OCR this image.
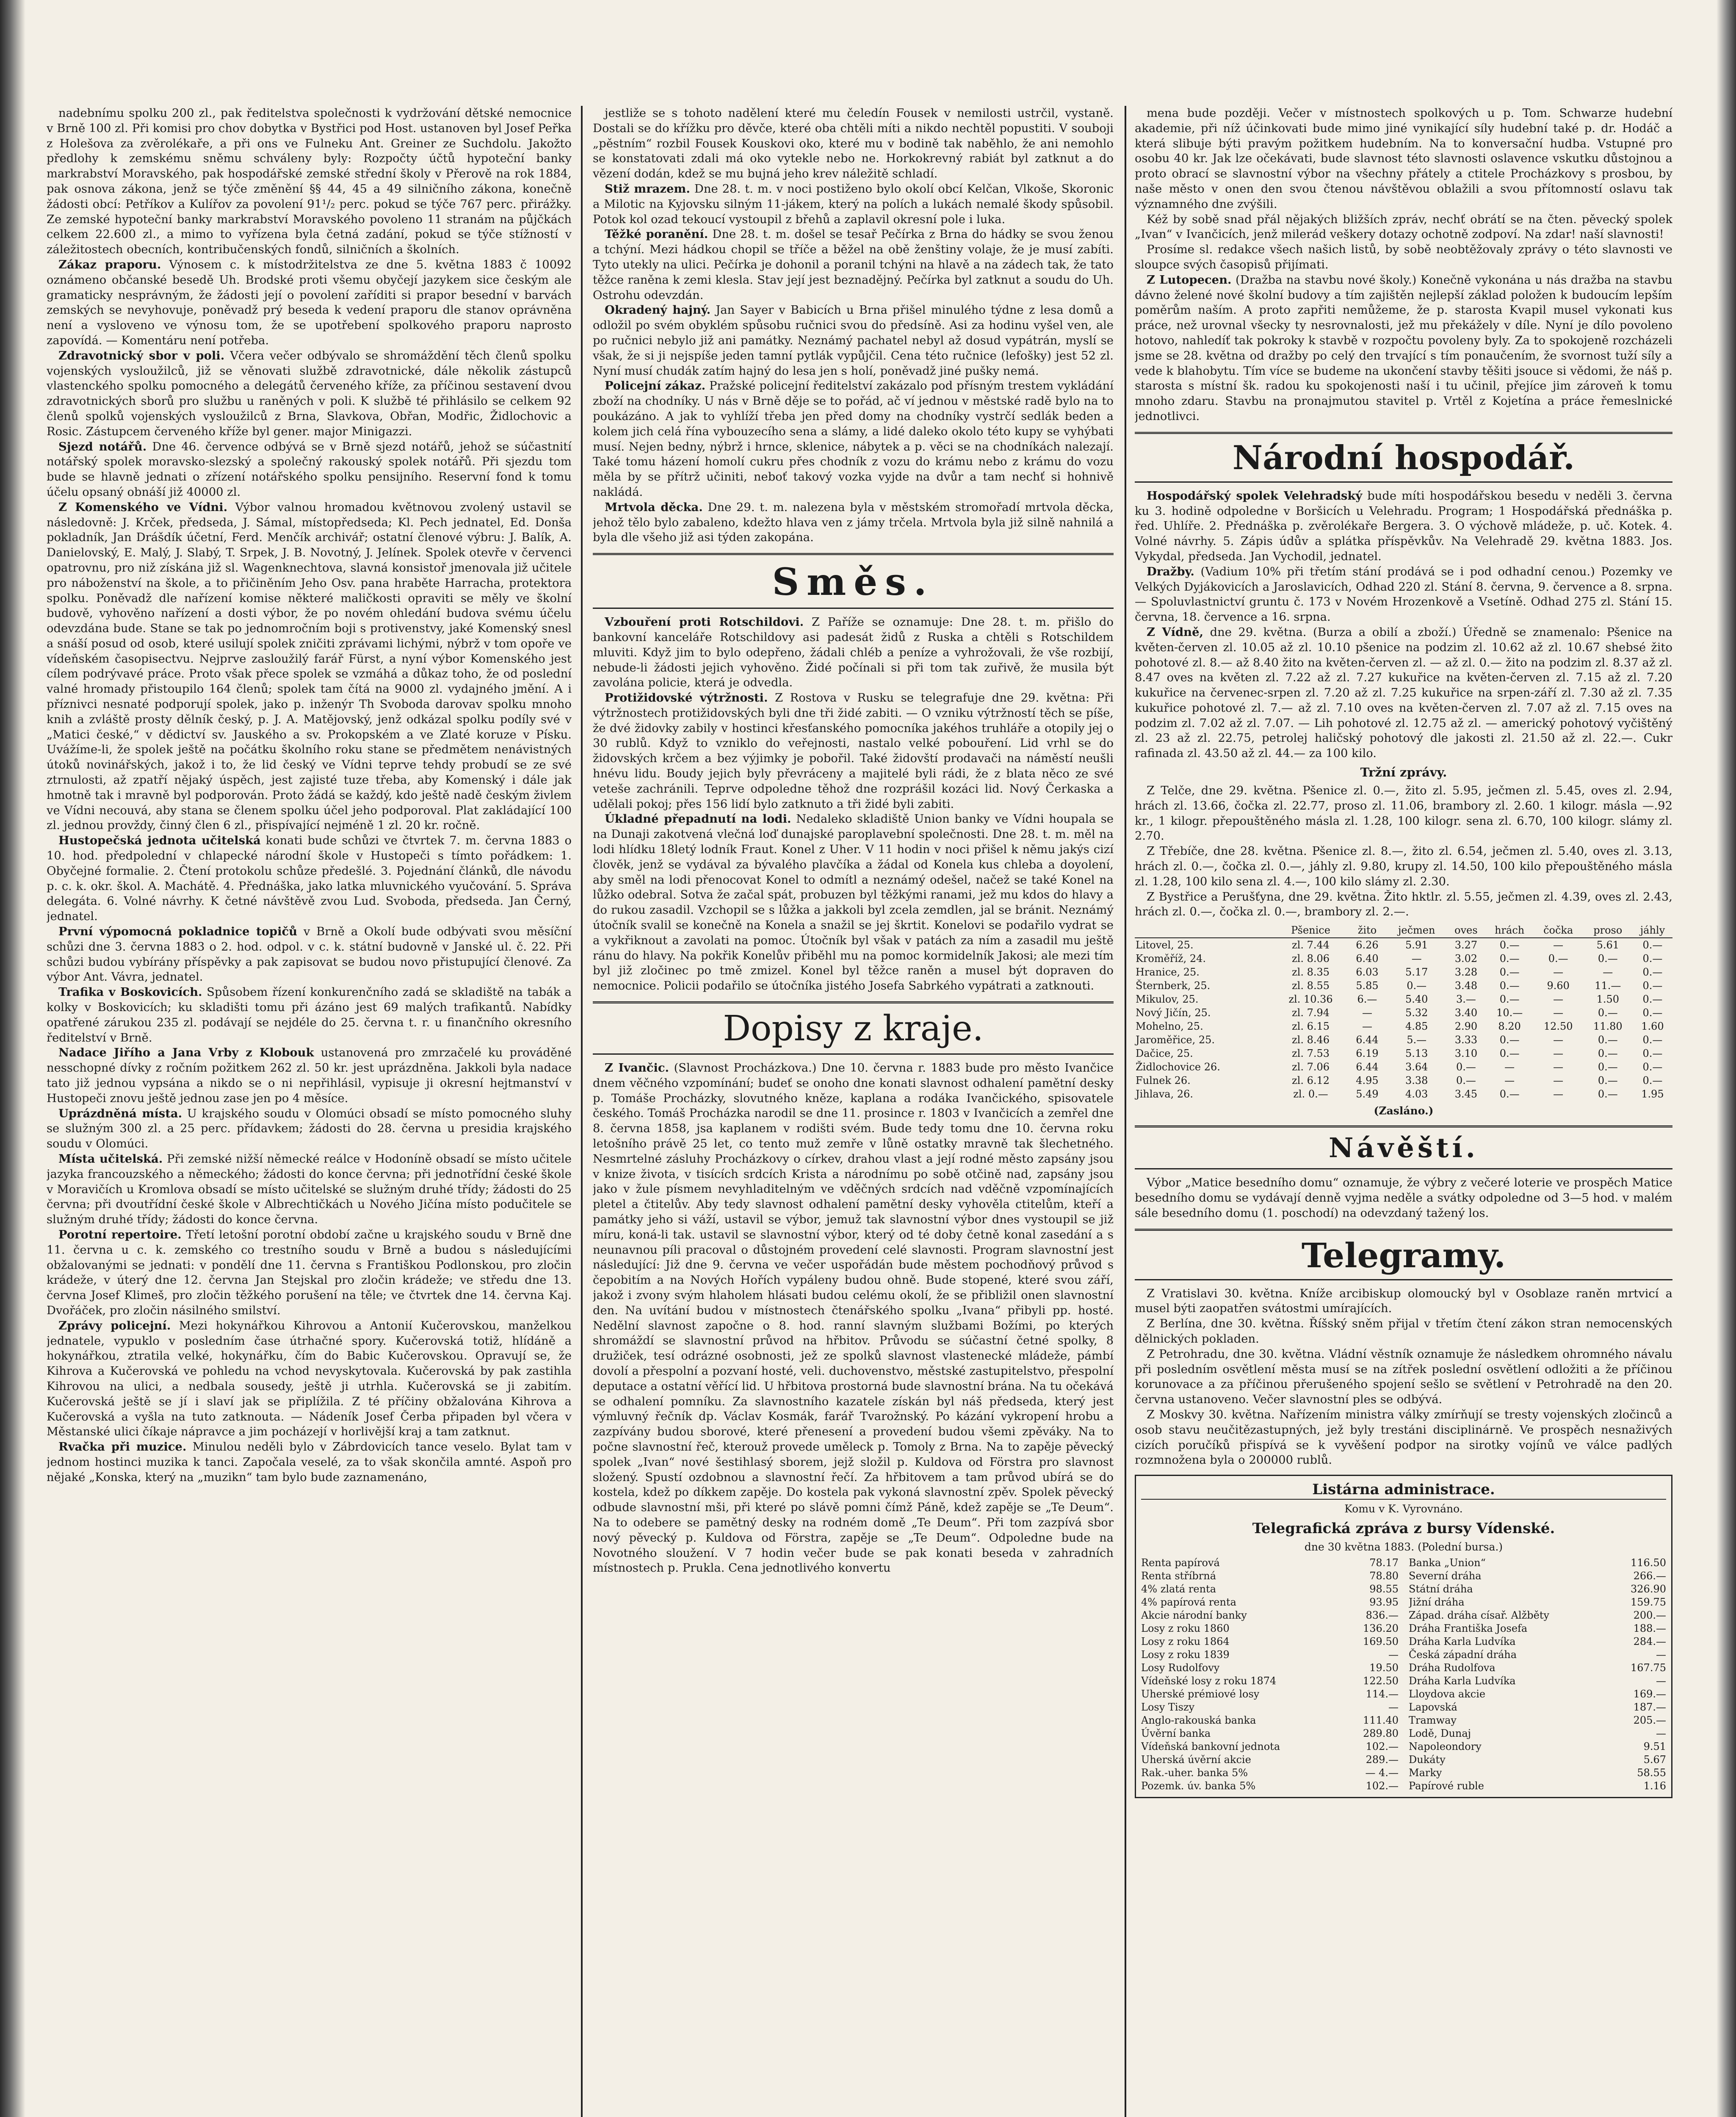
nadebnímu spolku 200 zl., pak ředitelstva společnosti k vydržování dětské nemocnice v Brně 100 zl. Při komisi pro chov dobytka v Bystřici pod Host. ustanoven byl Josef Peřka z Holešova za zvěrolékaře, a při ons ve Fulneku Ant. Greiner ze Suchdolu. Jakožto předlohy k zemskému sněmu schváleny byly: Rozpočty účtů hypoteční banky markrabství Moravského, pak hospodářské zemské střední školy v Přerově na rok 1884, pak osnova zákona, jenž se týče změnění §§ 44, 45 a 49 silničního zákona, konečně žádosti obcí: Petříkov a Kulířov za povolení 91¹/₂ perc. pokud se týče 767 perc. přirážky. Ze zemské hypoteční banky markrabství Moravského povoleno 11 stranám na půjčkách celkem 22.600 zl., a mimo to vyřízena byla četná zadání, pokud se týče stížností v záležitostech obecních, kontribučenských fondů, silničních a školních.

Zákaz praporu. Výnosem c. k místodržitelstva ze dne 5. května 1883 č 10092 oznámeno občanské besedě Uh. Brodské proti všemu obyčejí jazykem sice českým ale gramaticky nesprávným, že žádosti její o povolení zaříditi si prapor besední v barvách zemských se nevyhovuje, poněvadž prý beseda k vedení praporu dle stanov oprávněna není a vysloveno ve výnosu tom, že se upotřebení spolkového praporu naprosto zapovídá. — Komentáru není potřeba.

Zdravotnický sbor v poli. Včera večer odbývalo se shromáždění těch členů spolku vojenských vysloužilců, již se věnovati službě zdravotnické, dále několik zástupců vlastenckého spolku pomocného a delegátů červeného kříže, za příčinou sestavení dvou zdravotnických sborů pro službu u raněných v poli. K službě té přihlásilo se celkem 92 členů spolků vojenských vysloužilců z Brna, Slavkova, Obřan, Modřic, Židlochovic a Rosic. Zástupcem červeného kříže byl gener. major Minigazzi.

Sjezd notářů. Dne 46. července odbývá se v Brně sjezd notářů, jehož se súčastnití notářský spolek moravsko-slezský a společný rakouský spolek notářů. Při sjezdu tom bude se hlavně jednati o zřízení notářského spolku pensijního. Reservní fond k tomu účelu opsaný obnáší již 40000 zl.

Z Komenského ve Vídni. Výbor valnou hromadou květnovou zvolený ustavil se následovně: J. Krček, předseda, J. Sámal, místopředseda; Kl. Pech jednatel, Ed. Donša pokladník, Jan Drášdík účetní, Ferd. Menčík archivář; ostatní členové výbru: J. Balík, A. Danielovský, E. Malý, J. Slabý, T. Srpek, J. B. Novotný, J. Jelínek. Spolek otevře v červenci opatrovnu, pro niž získána již sl. Wagenknechtova, slavná konsistoř jmenovala již učitele pro náboženství na škole, a to přičiněním Jeho Osv. pana hraběte Harracha, protektora spolku. Poněvadž dle nařízení komise některé maličkosti opraviti se měly ve školní budově, vyhověno nařízení a dosti výbor, že po novém ohledání budova svému účelu odevzdána bude. Stane se tak po jednomročním boji s protivenstvy, jaké Komenský snesl a snáší posud od osob, které usilují spolek zničiti zprávami lichými, nýbrž v tom opoře ve vídeňském časopisectvu. Nejprve zasloužilý farář Fürst, a nyní výbor Komenského jest cílem podrývavé práce. Proto však přece spolek se vzmáhá a důkaz toho, že od poslední valné hromady přistoupilo 164 členů; spolek tam čítá na 9000 zl. vydajného jmění. A i příznivci nesnaté podporují spolek, jako p. inženýr Th Svoboda darovav spolku mnoho knih a zvláště prosty dělník český, p. J. A. Matějovský, jenž odkázal spolku podíly své v „Matici české,“ v dědictví sv. Jauského a sv. Prokopském a ve Zlaté koruze v Písku. Uvážíme-li, že spolek ještě na počátku školního roku stane se předmětem nenávistných útoků novinářských, jakož i to, že lid český ve Vídni teprve tehdy probudí se ze své ztrnulosti, až zpatří nějaký úspěch, jest zajisté tuze třeba, aby Komenský i dále jak hmotně tak i mravně byl podporován. Proto žádá se každý, kdo ještě nadě českým živlem ve Vídni necouvá, aby stana se členem spolku účel jeho podporoval. Plat zakládající 100 zl. jednou provždy, činný člen 6 zl., přispívající nejméně 1 zl. 20 kr. ročně.

Hustopečská jednota učitelská konati bude schůzi ve čtvrtek 7. m. června 1883 o 10. hod. předpolední v chlapecké národní škole v Hustopeči s tímto pořádkem: 1. Obyčejné formalie. 2. Čtení protokolu schůze předešlé. 3. Pojednání článků, dle návodu p. c. k. okr. škol. A. Machátě. 4. Přednáška, jako latka mluvnického vyučování. 5. Správa delegáta. 6. Volné návrhy. K četné návštěvě zvou Lud. Svoboda, předseda. Jan Černý, jednatel.

První výpomocná pokladnice topičů v Brně a Okolí bude odbývati svou měsíční schůzi dne 3. června 1883 o 2. hod. odpol. v c. k. státní budovně v Janské ul. č. 22. Při schůzi budou vybírány příspěvky a pak zapisovat se budou novo přistupující členové. Za výbor Ant. Vávra, jednatel.

Trafika v Boskovicích. Spůsobem řízení konkurenčního zadá se skladiště na tabák a kolky v Boskovicích; ku skladišti tomu při ázáno jest 69 malých trafikantů. Nabídky opatřené zárukou 235 zl. podávají se nejdéle do 25. června t. r. u finančního okresního ředitelství v Brně.

Nadace Jiřího a Jana Vrby z Klobouk ustanovená pro zmrzačelé ku prováděné nesschopné dívky z ročním požitkem 262 zl. 50 kr. jest uprázdněna. Jakkoli byla nadace tato již jednou vypsána a nikdo se o ni nepřihlásil, vypisuje ji okresní hejtmanství v Hustopeči znovu ještě jednou zase jen po 4 měsíce.

Uprázdněná místa. U krajského soudu v Olomúci obsadí se místo pomocného sluhy se služným 300 zl. a 25 perc. přídavkem; žádosti do 28. června u presidia krajského soudu v Olomúci.

Místa učitelská. Při zemské nižší německé reálce v Hodoníně obsadí se místo učitele jazyka francouzského a německého; žádosti do konce června; při jednotřídní české škole v Moravičích u Kromlova obsadí se místo učitelské se služným druhé třídy; žádosti do 25 června; při dvoutřídní české škole v Albrechtičkách u Nového Jičína místo podučitele se služným druhé třídy; žádosti do konce června.

Porotní repertoire. Třetí letošní porotní období začne u krajského soudu v Brně dne 11. června u c. k. zemského co trestního soudu v Brně a budou s následujícími obžalovanými se jednati: v pondělí dne 11. června s Františkou Podlonskou, pro zločin krádeže, v úterý dne 12. června Jan Stejskal pro zločin krádeže; ve středu dne 13. června Josef Klimeš, pro zločin těžkého porušení na těle; ve čtvrtek dne 14. června Kaj. Dvořáček, pro zločin násilného smilství.

Zprávy policejní. Mezi hokynářkou Kihrovou a Antonií Kučerovskou, manželkou jednatele, vypuklo v posledním čase útrhačné spory. Kučerovská totiž, hlídáně a hokynářkou, ztratila velké, hokynářku, čím do Babic Kučerovskou. Opravují se, že Kihrova a Kučerovská ve pohledu na vchod nevyskytovala. Kučerovská by pak zastihla Kihrovou na ulici, a nedbala sousedy, ještě ji utrhla. Kučerovská se ji zabitím. Kučerovská ještě se jí i slaví jak se připlížila. Z té příčiny obžalována Kihrova a Kučerovská a vyšla na tuto zatknouta. — Nádeník Josef Čerba připaden byl včera v Městanské ulici číkaje nápravce a jim pocházejí v horlivější kraj a tam zatknut.

Rvačka při muzice. Minulou neděli bylo v Zábrdovicích tance veselo. Bylat tam v jednom hostinci muzika k tanci. Započala veselé, za to však skončila amnté. Aspoň pro nějaké „Konska, který na „muzikn“ tam bylo bude zaznamenáno,

jestliže se s tohoto nadělení které mu čeledín Fousek v nemilosti ustrčil, vystaně. Dostali se do křížku pro děvče, které oba chtěli míti a nikdo nechtěl popustiti. V souboji „pěstním“ rozbil Fousek Kouskovi oko, které mu v bodině tak naběhlo, že ani nemohlo se konstatovati zdali má oko vytekle nebo ne. Horkokrevný rabiát byl zatknut a do vězení dodán, kdež se mu bujná jeho krev náležitě schladí.

Stiž mrazem. Dne 28. t. m. v noci postiženo bylo okolí obcí Kelčan, Vlkoše, Skoronic a Milotic na Kyjovsku silným 11-jákem, který na polích a lukách nemalé škody spůsobil. Potok kol ozad tekoucí vystoupil z břehů a zaplavil okresní pole i luka.

Těžké poranění. Dne 28. t. m. došel se tesař Pečírka z Brna do hádky se svou ženou a tchýní. Mezi hádkou chopil se tříče a běžel na obě ženštiny volaje, že je musí zabíti. Tyto utekly na ulici. Pečírka je dohonil a poranil tchýni na hlavě a na zádech tak, že tato těžce raněna k zemi klesla. Stav její jest beznadějný. Pečírka byl zatknut a soudu do Uh. Ostrohu odevzdán.

Okradený hajný. Jan Sayer v Babicích u Brna přišel minulého týdne z lesa domů a odložil po svém obyklém spůsobu ručnici svou do předsíně. Asi za hodinu vyšel ven, ale po ručnici nebylo již ani památky. Neznámý pachatel nebyl až dosud vypátrán, myslí se však, že si ji nejspíše jeden tamní pytlák vypůjčil. Cena této ručnice (lefošky) jest 52 zl. Nyní musí chudák zatím hajný do lesa jen s holí, poněvadž jiné pušky nemá.

Policejní zákaz. Pražské policejní ředitelství zakázalo pod přísným trestem vykládání zboží na chodníky. U nás v Brně děje se to pořád, ač ví jednou v městské radě bylo na to poukázáno. A jak to vyhlíží třeba jen před domy na chodníky vystrčí sedlák beden a kolem jich celá řína vybouzecího sena a slámy, a lidé daleko okolo této kupy se vyhýbati musí. Nejen bedny, nýbrž i hrnce, sklenice, nábytek a p. věci se na chodníkách nalezají. Také tomu házení homolí cukru přes chodník z vozu do krámu nebo z krámu do vozu měla by se přítrž učiniti, neboť takový vozka vyjde na dvůr a tam nechť si hohnivě nakládá.

Mrtvola děcka. Dne 29. t. m. nalezena byla v městském stromořadí mrtvola děcka, jehož tělo bylo zabaleno, kdežto hlava ven z jámy trčela. Mrtvola byla již silně nahnilá a byla dle všeho již asi týden zakopána.

Směs.

Vzbouření proti Rotschildovi. Z Paříže se oznamuje: Dne 28. t. m. přišlo do bankovní kanceláře Rotschildovy asi padesát židů z Ruska a chtěli s Rotschildem mluviti. Když jim to bylo odepřeno, žádali chléb a peníze a vyhrožovali, že vše rozbijí, nebude-li žádosti jejich vyhověno. Židé počínali si při tom tak zuřivě, že musila být zavolána policie, která je odvedla.

Protižidovské výtržnosti. Z Rostova v Rusku se telegrafuje dne 29. května: Při výtržnostech protižidovských byli dne tři židé zabiti. — O vzniku výtržností těch se píše, že dvé židovky zabily v hostinci křesťanského pomocníka jakéhos truhláře a otopily jej o 30 rublů. Když to vzniklo do veřejnosti, nastalo velké pobouření. Lid vrhl se do židovských krčem a bez výjimky je pobořil. Také židovští prodavači na náměstí neušli hnévu lidu. Boudy jejich byly převráceny a majitelé byli rádi, že z blata něco ze své veteše zachránili. Teprve odpoledne těhož dne rozprášil kozáci lid. Nový Čerkaska a udělali pokoj; přes 156 lidí bylo zatknuto a tři židé byli zabiti.

Úkladné přepadnutí na lodi. Nedaleko skladiště Union banky ve Vídni houpala se na Dunaji zakotvená vlečná loď dunajské paroplavební společnosti. Dne 28. t. m. měl na lodi hlídku 18letý lodník Fraut. Konel z Uher. V 11 hodin v noci přišel k němu jakýs cizí člověk, jenž se vydával za bývalého plavčíka a žádal od Konela kus chleba a doyolení, aby směl na lodi přenocovat Konel to odmítl a neznámý odešel, načež se také Konel na lůžko odebral. Sotva že začal spát, probuzen byl těžkými ranami, jež mu kdos do hlavy a do rukou zasadil. Vzchopil se s lůžka a jakkoli byl zcela zemdlen, jal se bránit. Neznámý útočník svalil se konečně na Konela a snažil se jej škrtit. Konelovi se podařilo vydrat se a vykřiknout a zavolati na pomoc. Útočník byl však v patách za ním a zasadil mu ještě ránu do hlavy. Na pokřik Konelův přiběhl mu na pomoc kormidelník Jakosi; ale mezi tím byl již zločinec po tmě zmizel. Konel byl těžce raněn a musel být dopraven do nemocnice. Policii podařilo se útočníka jistého Josefa Sabrkého vypátrati a zatknouti.

Dopisy z kraje.

Z Ivančic. (Slavnost Procházkova.) Dne 10. června r. 1883 bude pro město Ivančice dnem věčného vzpomínání; budeť se onoho dne konati slavnost odhalení pamětní desky p. Tomáše Procházky, slovutného kněze, kaplana a rodáka Ivančického, spisovatele českého. Tomáš Procházka narodil se dne 11. prosince r. 1803 v Ivančicích a zemřel dne 8. června 1858, jsa kaplanem v rodišti svém. Bude tedy tomu dne 10. června roku letošního právě 25 let, co tento muž zemře v lůně ostatky mravně tak šlechetného. Nesmrtelné zásluhy Procházkovy o církev, drahou vlast a její rodné město zapsány jsou v knize života, v tisících srdcích Krista a národnímu po sobě otčině nad, zapsány jsou jako v žule písmem nevyhladitelným ve vděčných srdcích nad vděčně vzpomínajících pletel a čtitelův. Aby tedy slavnost odhalení pamětní desky vyhověla ctitelům, kteří a památky jeho si váží, ustavil se výbor, jemuž tak slavnostní výbor dnes vystoupil se již míru, koná-li tak. ustavil se slavnostní výbor, který od té doby četně konal zasedání a s neunavnou píli pracoval o důstojném provedení celé slavnosti. Program slavnostní jest následující: Již dne 9. června ve večer uspořádán bude městem pochodňový průvod s čepobitím a na Nových Hořích vypáleny budou ohně. Bude stopené, které svou září, jakož i zvony svým hlaholem hlásati budou celému okolí, že se přibližil onen slavnostní den. Na uvítání budou v místnostech čtenářského spolku „Ivana“ přibyli pp. hosté. Nedělní slavnost započne o 8. hod. ranní slavným službami Božími, po kterých shromáždí se slavnostní průvod na hřbitov. Průvodu se súčastní četné spolky, 8 družiček, tesí odrázné osobnosti, jež ze spolků slavnost vlastenecké mládeže, pámbí dovolí a přespolní a pozvaní hosté, veli. duchovenstvo, městské zastupitelstvo, přespolní deputace a ostatní věřící lid. U hřbitova prostorná bude slavnostní brána. Na tu očekává se odhalení pomníku. Za slavnostního kazatele získán byl náš předseda, který jest výmluvný řečník dp. Václav Kosmák, farář Tvarožnský. Po kázání vykropení hrobu a zazpívány budou sborové, které přenesení a provedení budou všemi zpěváky. Na to počne slavnostní řeč, kterouž provede uměleck p. Tomoly z Brna. Na to zapěje pěvecký spolek „Ivan“ nové šestihlasý sborem, jejž složil p. Kuldova od Förstra pro slavnost složený. Spustí ozdobnou a slavnostní řečí. Za hřbitovem a tam průvod ubírá se do kostela, kdež po díkkem zapěje. Do kostela pak vykoná slavnostní zpěv. Spolek pěvecký odbude slavnostní mši, při které po slávě pomni čímž Páně, kdež zapěje se „Te Deum“. Na to odebere se pamětný desky na rodném domě „Te Deum“. Při tom zazpívá sbor nový pěvecký p. Kuldova od Förstra, zapěje se „Te Deum“. Odpoledne bude na Novotného sloužení. V 7 hodin večer bude se pak konati beseda v zahradních místnostech p. Prukla. Cena jednotlivého konvertu

mena bude později. Večer v místnostech spolkových u p. Tom. Schwarze hudební akademie, při níž účinkovati bude mimo jiné vynikající síly hudební také p. dr. Hodáč a která slibuje býti pravým požitkem hudebním. Na to konversační hudba. Vstupné pro osobu 40 kr. Jak lze očekávati, bude slavnost této slavnosti oslavence vskutku důstojnou a proto obrací se slavnostní výbor na všechny přátely a ctitele Procházkovy s prosbou, by naše město v onen den svou čtenou návštěvou oblažili a svou přítomností oslavu tak významného dne zvýšili.

Kéž by sobě snad přál nějakých bližších zpráv, nechť obrátí se na čten. pěvecký spolek „Ivan“ v Ivančicích, jenž milerád veškery dotazy ochotně zodpoví. Na zdar! naší slavnosti!

Prosíme sl. redakce všech našich listů, by sobě neobtěžovaly zprávy o této slavnosti ve sloupce svých časopisů přijímati.

Z Lutopecen. (Dražba na stavbu nové školy.) Konečně vykonána u nás dražba na stavbu dávno želené nové školní budovy a tím zajištěn nejlepší základ položen k budoucím lepším poměrům naším. A proto zapřiti nemůžeme, že p. starosta Kvapil musel vykonati kus práce, než urovnal všecky ty nesrovnalosti, jež mu překážely v díle. Nyní je dílo povoleno hotovo, nahledíť tak pokroky k stavbě v rozpočtu povoleny byly. Za to spokojeně rozcházeli jsme se 28. května od dražby po celý den trvající s tím ponaučením, že svornost tuží síly a vede k blahobytu. Tím více se budeme na ukončení stavby těšiti jsouce si vědomi, že náš p. starosta s místní šk. radou ku spokojenosti naší i tu učinil, přejíce jim zároveň k tomu mnoho zdaru. Stavbu na pronajmutou stavitel p. Vrtěl z Kojetína a práce řemeslnické jednotlivci.

Národní hospodář.

Hospodářský spolek Velehradský bude míti hospodářskou besedu v neděli 3. června ku 3. hodině odpoledne v Boršicích u Velehradu. Program; 1 Hospodářská přednáška p. řed. Uhlíře. 2. Přednáška p. zvěrolékaře Bergera. 3. O výchově mládeže, p. uč. Kotek. 4. Volné návrhy. 5. Zápis údův a splátka příspěvkův. Na Velehradě 29. května 1883. Jos. Vykydal, předseda. Jan Vychodil, jednatel.

Dražby. (Vadium 10% při třetím stání prodává se i pod odhadní cenou.) Pozemky ve Velkých Dyjákovicích a Jaroslavicích, Odhad 220 zl. Stání 8. června, 9. července a 8. srpna. — Spoluvlastnictví gruntu č. 173 v Novém Hrozenkově a Vsetíně. Odhad 275 zl. Stání 15. června, 18. července a 16. srpna.

Z Vídně, dne 29. května. (Burza a obilí a zboží.) Úředně se znamenalo: Pšenice na květen-červen zl. 10.05 až zl. 10.10 pšenice na podzim zl. 10.62 až zl. 10.67 shebsé žito pohotové zl. 8.— až 8.40 žito na květen-červen zl. — až zl. 0.— žito na podzim zl. 8.37 až zl. 8.47 oves na květen zl. 7.22 až zl. 7.27 kukuřice na květen-červen zl. 7.15 až zl. 7.20 kukuřice na červenec-srpen zl. 7.20 až zl. 7.25 kukuřice na srpen-září zl. 7.30 až zl. 7.35 kukuřice pohotové zl. 7.— až zl. 7.10 oves na květen-červen zl. 7.07 až zl. 7.15 oves na podzim zl. 7.02 až zl. 7.07. — Lih pohotové zl. 12.75 až zl. — americký pohotový vyčištěný zl. 23 až zl. 22.75, petrolej haličský pohotový dle jakosti zl. 21.50 až zl. 22.—. Cukr rafinada zl. 43.50 až zl. 44.— za 100 kilo.

Tržní zprávy.

Z Telče, dne 29. května. Pšenice zl. 0.—, žito zl. 5.95, ječmen zl. 5.45, oves zl. 2.94, hrách zl. 13.66, čočka zl. 22.77, proso zl. 11.06, brambory zl. 2.60. 1 kilogr. másla —.92 kr., 1 kilogr. přepouštěného másla zl. 1.28, 100 kilogr. sena zl. 6.70, 100 kilogr. slámy zl. 2.70.

Z Třebíče, dne 28. května. Pšenice zl. 8.—, žito zl. 6.54, ječmen zl. 5.40, oves zl. 3.13, hrách zl. 0.—, čočka zl. 0.—, jáhly zl. 9.80, krupy zl. 14.50, 100 kilo přepouštěného másla zl. 1.28, 100 kilo sena zl. 4.—, 100 kilo slámy zl. 2.30.

Z Bystřice a Perušťyna, dne 29. května. Žito hktlr. zl. 5.55, ječmen zl. 4.39, oves zl. 2.43, hrách zl. 0.—, čočka zl. 0.—, brambory zl. 2.—.

	Pšenice	žito	ječmen	oves	hrách	čočka	proso	jáhly
Litovel, 25.	zl. 7.44	6.26	5.91	3.27	0.—	—	5.61	0.—
Kroměříž, 24.	zl. 8.06	6.40	—	3.02	0.—	0.—	0.—	0.—
Hranice, 25.	zl. 8.35	6.03	5.17	3.28	0.—	—	—	0.—
Šternberk, 25.	zl. 8.55	5.85	0.—	3.48	0.—	9.60	11.—	0.—
Mikulov, 25.	zl. 10.36	6.—	5.40	3.—	0.—	—	1.50	0.—
Nový Jičín, 25.	zl. 7.94	—	5.32	3.40	10.—	—	0.—	0.—
Mohelno, 25.	zl. 6.15	—	4.85	2.90	8.20	12.50	11.80	1.60
Jaroměřice, 25.	zl. 8.46	6.44	5.—	3.33	0.—	—	0.—	0.—
Dačice, 25.	zl. 7.53	6.19	5.13	3.10	0.—	—	0.—	0.—
Židlochovice 26.	zl. 7.06	6.44	3.64	0.—	—	—	0.—	0.—
Fulnek 26.	zl. 6.12	4.95	3.38	0.—	—	—	0.—	0.—
Jihlava, 26.	zl. 0.—	5.49	4.03	3.45	0.—	—	0.—	1.95
(Zasláno.)
Návěští.

Výbor „Matice besedního domu“ oznamuje, že výbry z večeré loterie ve prospěch Matice besedního domu se vydávají denně vyjma neděle a svátky odpoledne od 3—5 hod. v malém sále besedního domu (1. poschodí) na odevzdaný tažený los.

Telegramy.

Z Vratislavi 30. května. Kníže arcibiskup olomoucký byl v Osoblaze raněn mrtvicí a musel býti zaopatřen svátostmi umírajících.

Z Berlína, dne 30. května. Říšský sněm přijal v třetím čtení zákon stran nemocenských dělnických pokladen.

Z Petrohradu, dne 30. května. Vládní věstník oznamuje že následkem ohromného návalu při posledním osvětlení města musí se na zítřek poslední osvětlení odložiti a že příčinou korunovace a za příčinou přerušeného spojení sešlo se světlení v Petrohradě na den 20. června ustanoveno. Večer slavnostní ples se odbývá.

Z Moskvy 30. května. Nařízením ministra války zmírňují se tresty vojenských zločinců a osob stavu neučitězastupných, jež byly trestáni disciplinárně. Ve prospěch nesnaživých cizích poručíků přispívá se k vyvěšení podpor na sirotky vojínů ve válce padlých rozmnožena byla o 200000 rublů.

Listárna administrace.
Komu v K. Vyrovnáno.
Telegrafická zpráva z bursy Vídenské.
dne 30 května 1883. (Polední bursa.)
Renta papírová	78.17
Renta stříbrná	78.80
4% zlatá renta	98.55
4% papírová renta	93.95
Akcie národní banky	836.—
Losy z roku 1860	136.20
Losy z roku 1864	169.50
Losy z roku 1839	—
Losy Rudolfovy	19.50
Vídeňské losy z roku 1874	122.50
Uherské prémiové losy	114.—
Losy Tiszy	—
Anglo-rakouská banka	111.40
Úvěrní banka	289.80
Vídeňská bankovní jednota	102.—
Uherská úvěrní akcie	289.—
Rak.-uher. banka 5%	— 4.—
Pozemk. úv. banka 5%	102.—
Banka „Union“	116.50
Severní dráha	266.—
Státní dráha	326.90
Jižní dráha	159.75
Západ. dráha císař. Alžběty	200.—
Dráha Františka Josefa	188.—
Dráha Karla Ludvíka	284.—
Česká západní dráha	—
Dráha Rudolfova	167.75
Dráha Karla Ludvíka	—
Lloydova akcie	169.—
Lapovská	187.—
Tramway	205.—
Lodě, Dunaj	—
Napoleondory	9.51
Dukáty	5.67
Marky	58.55
Papírové ruble	1.16
